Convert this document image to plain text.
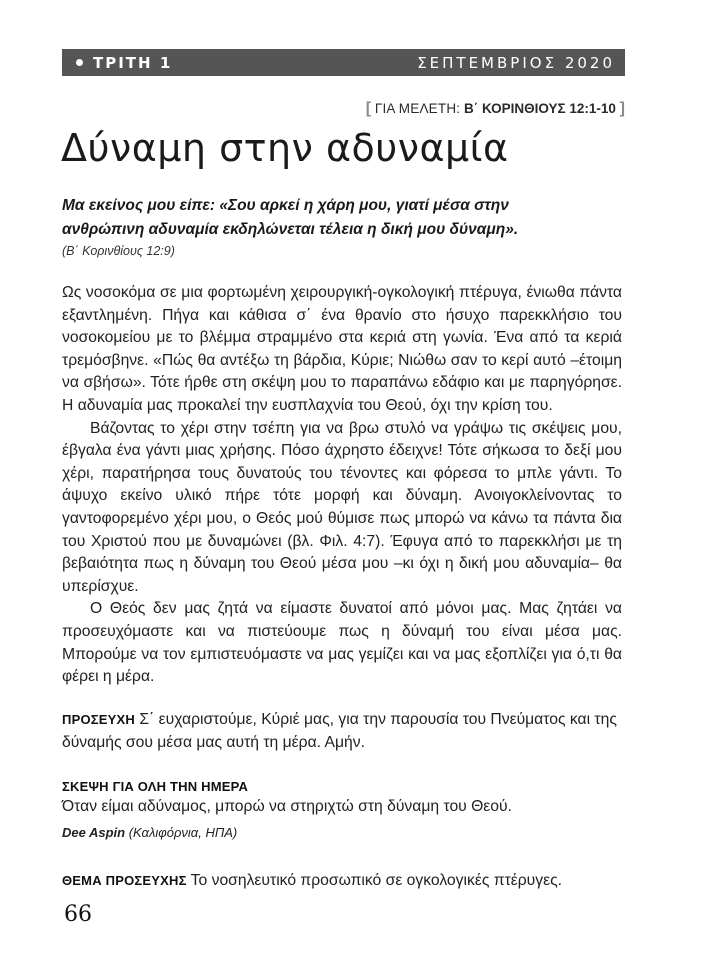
ΤΡΙΤΗ 1	ΣΕΠΤΕΜΒΡΙΟΣ 2020
[ ΓΙΑ ΜΕΛΕΤΗ: Β΄ ΚΟΡΙΝΘΙΟΥΣ 12:1-10 ]
Δύναμη στην αδυναμία

Μα εκείνος μου είπε: «Σου αρκεί η χάρη μου, γιατί μέσα στην
ανθρώπινη αδυναμία εκδηλώνεται τέλεια η δική μου δύναμη».

(Β΄ Κορινθίους 12:9)

Ως νοσοκόμα σε μια φορτωμένη χειρουργική-ογκολογική πτέρυγα, ένιωθα πάντα εξαντλημένη. Πήγα και κάθισα σ΄ ένα θρανίο στο ήσυχο παρεκκλήσιο του νοσοκομείου με το βλέμμα στραμμένο στα κεριά στη γωνία. Ένα από τα κεριά τρεμόσβηνε. «Πώς θα αντέξω τη βάρδια, Κύριε; Νιώθω σαν το κερί αυτό –έτοιμη να σβήσω». Τότε ήρθε στη σκέψη μου το παραπάνω εδάφιο και με παρηγόρησε. Η αδυναμία μας προκαλεί την ευσπλαχνία του Θεού, όχι την κρίση του.

Βάζοντας το χέρι στην τσέπη για να βρω στυλό να γράψω τις σκέψεις μου, έβγαλα ένα γάντι μιας χρήσης. Πόσο άχρηστο έδειχνε! Τότε σήκωσα το δεξί μου χέρι, παρατήρησα τους δυνατούς του τένοντες και φόρεσα το μπλε γάντι. Το άψυχο εκείνο υλικό πήρε τότε μορφή και δύναμη. Ανοιγοκλείνοντας το γαντοφορεμένο χέρι μου, ο Θεός μού θύμισε πως μπορώ να κάνω τα πάντα δια του Χριστού που με δυναμώνει (βλ. Φιλ. 4:7). Έφυγα από το παρεκκλήσι με τη βεβαιότητα πως η δύναμη του Θεού μέσα μου –κι όχι η δική μου αδυναμία– θα υπερίσχυε.

Ο Θεός δεν μας ζητά να είμαστε δυνατοί από μόνοι μας. Μας ζητάει να προσευχόμαστε και να πιστεύουμε πως η δύναμή του είναι μέσα μας. Μπορούμε να τον εμπιστευόμαστε να μας γεμίζει και να μας εξοπλίζει για ό,τι θα φέρει η μέρα.

ΠΡΟΣΕΥΧΗ Σ΄ ευχαριστούμε, Κύριέ μας, για την παρουσία του Πνεύματος και της δύναμής σου μέσα μας αυτή τη μέρα. Αμήν.

ΣΚΕΨΗ ΓΙΑ ΟΛΗ ΤΗΝ ΗΜΕΡΑ
Όταν είμαι αδύναμος, μπορώ να στηριχτώ στη δύναμη του Θεού.
Dee Aspin (Καλιφόρνια, ΗΠΑ)
ΘΕΜΑ ΠΡΟΣΕΥΧΗΣ Το νοσηλευτικό προσωπικό σε ογκολογικές πτέρυγες.
66
